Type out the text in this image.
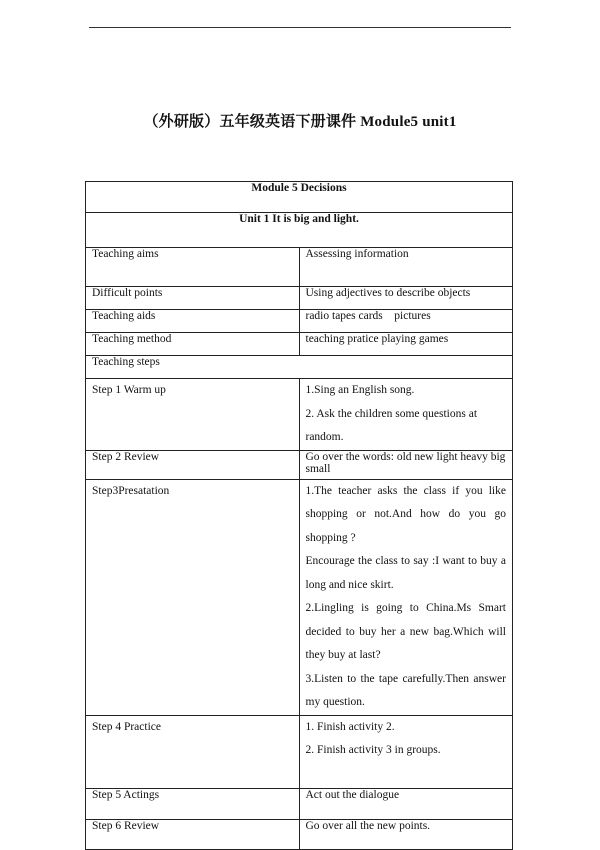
（外研版）五年级英语下册课件 Module5 unit1
Module 5 Decisions	
Unit 1 It is big and light.	
Teaching aims	Assessing information
Difficult points	Using adjectives to describe objects
Teaching aids	radio tapes cards    pictures
Teaching method	teaching pratice playing games
Teaching steps	
Step 1 Warm up	1.Sing an English song.
2. Ask the children some questions at random.

Step 2 Review	Go over the words: old new light heavy big small
Step3Presatation	1.The teacher asks the class if you like shopping or not.And how do you go shopping ?
Encourage the class to say :I want to buy a long and nice skirt.
2.Lingling is going to China.Ms Smart decided to buy her a new bag.Which will they buy at last?
3.Listen to the tape carefully.Then answer my question.

Step 4 Practice	1. Finish activity 2.
2. Finish activity 3 in groups.

Step 5 Actings	Act out the dialogue
Step 6 Review	Go over all the new points.
